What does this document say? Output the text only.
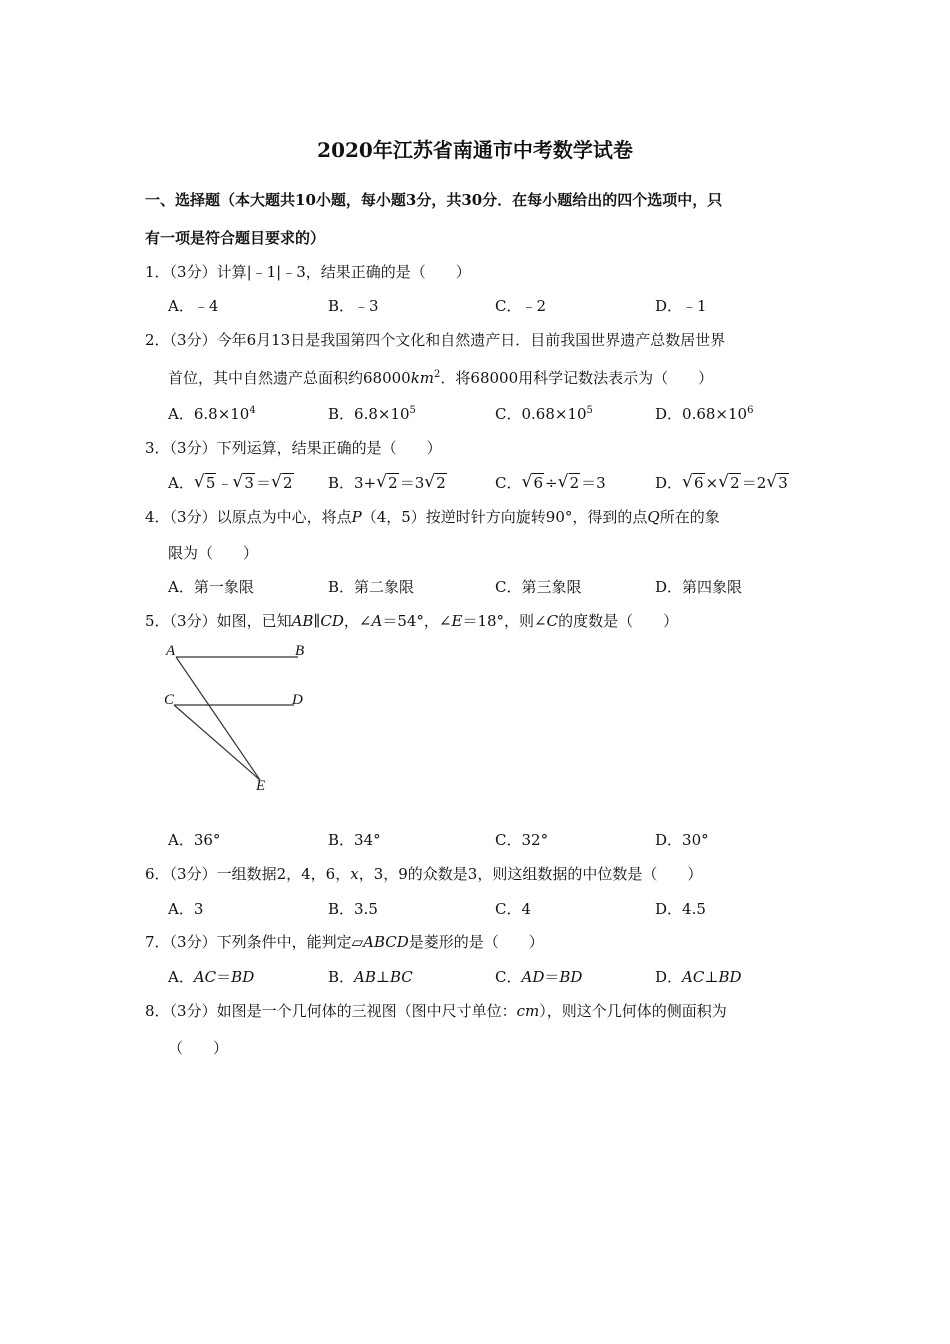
2020年江苏省南通市中考数学试卷
一、选择题（本大题共10小题，每小题3分，共30分．在每小题给出的四个选项中，只
有一项是符合题目要求的）
1．（3分）计算|﹣1|﹣3，结果正确的是（　　）
A．﹣4	B．﹣3	C．﹣2	D．﹣1
2．（3分）今年6月13日是我国第四个文化和自然遗产日．目前我国世界遗产总数居世界
首位，其中自然遗产总面积约$68000km^2$．将68000用科学记数法表示为（　　）
A．$6.8\times 10^4$	B．$6.8\times 10^5$	C．$0.68\times 10^5$	D．$0.68\times 10^6$
3．（3分）下列运算，结果正确的是（　　）
A． √ 5 ﹣ √ 3 ＝ √ 2 B．3+ √ 2 ＝3 √ 2	C． √ 6 ÷ √ 2 ＝3	D． √ 6 × √ 2 ＝2 √ 3
4．（3分）以原点为中心，将点P（4，5）按逆时针方向旋转90°，得到的点Q所在的象
限为（　　）
A．第一象限	B．第二象限	C．第三象限	D．第四象限
5．（3分）如图，已知AB∥CD，∠A＝54°，∠E＝18°，则∠C的度数是（　　）
A	B
C	D
E
A．36°	B．34°	C．32°	D．30°
6．（3分）一组数据2，4，6，x，3，9的众数是3，则这组数据的中位数是（　　）
A．3	B．3.5	C．4	D．4.5
7．（3分）下列条件中，能判定▱ABCD是菱形的是（　　）
A．AC＝BD	B．AB⊥BC	C．AD＝BD	D．AC⊥BD
8．（3分）如图是一个几何体的三视图（图中尺寸单位：cm），则这个几何体的侧面积为
（　　）
